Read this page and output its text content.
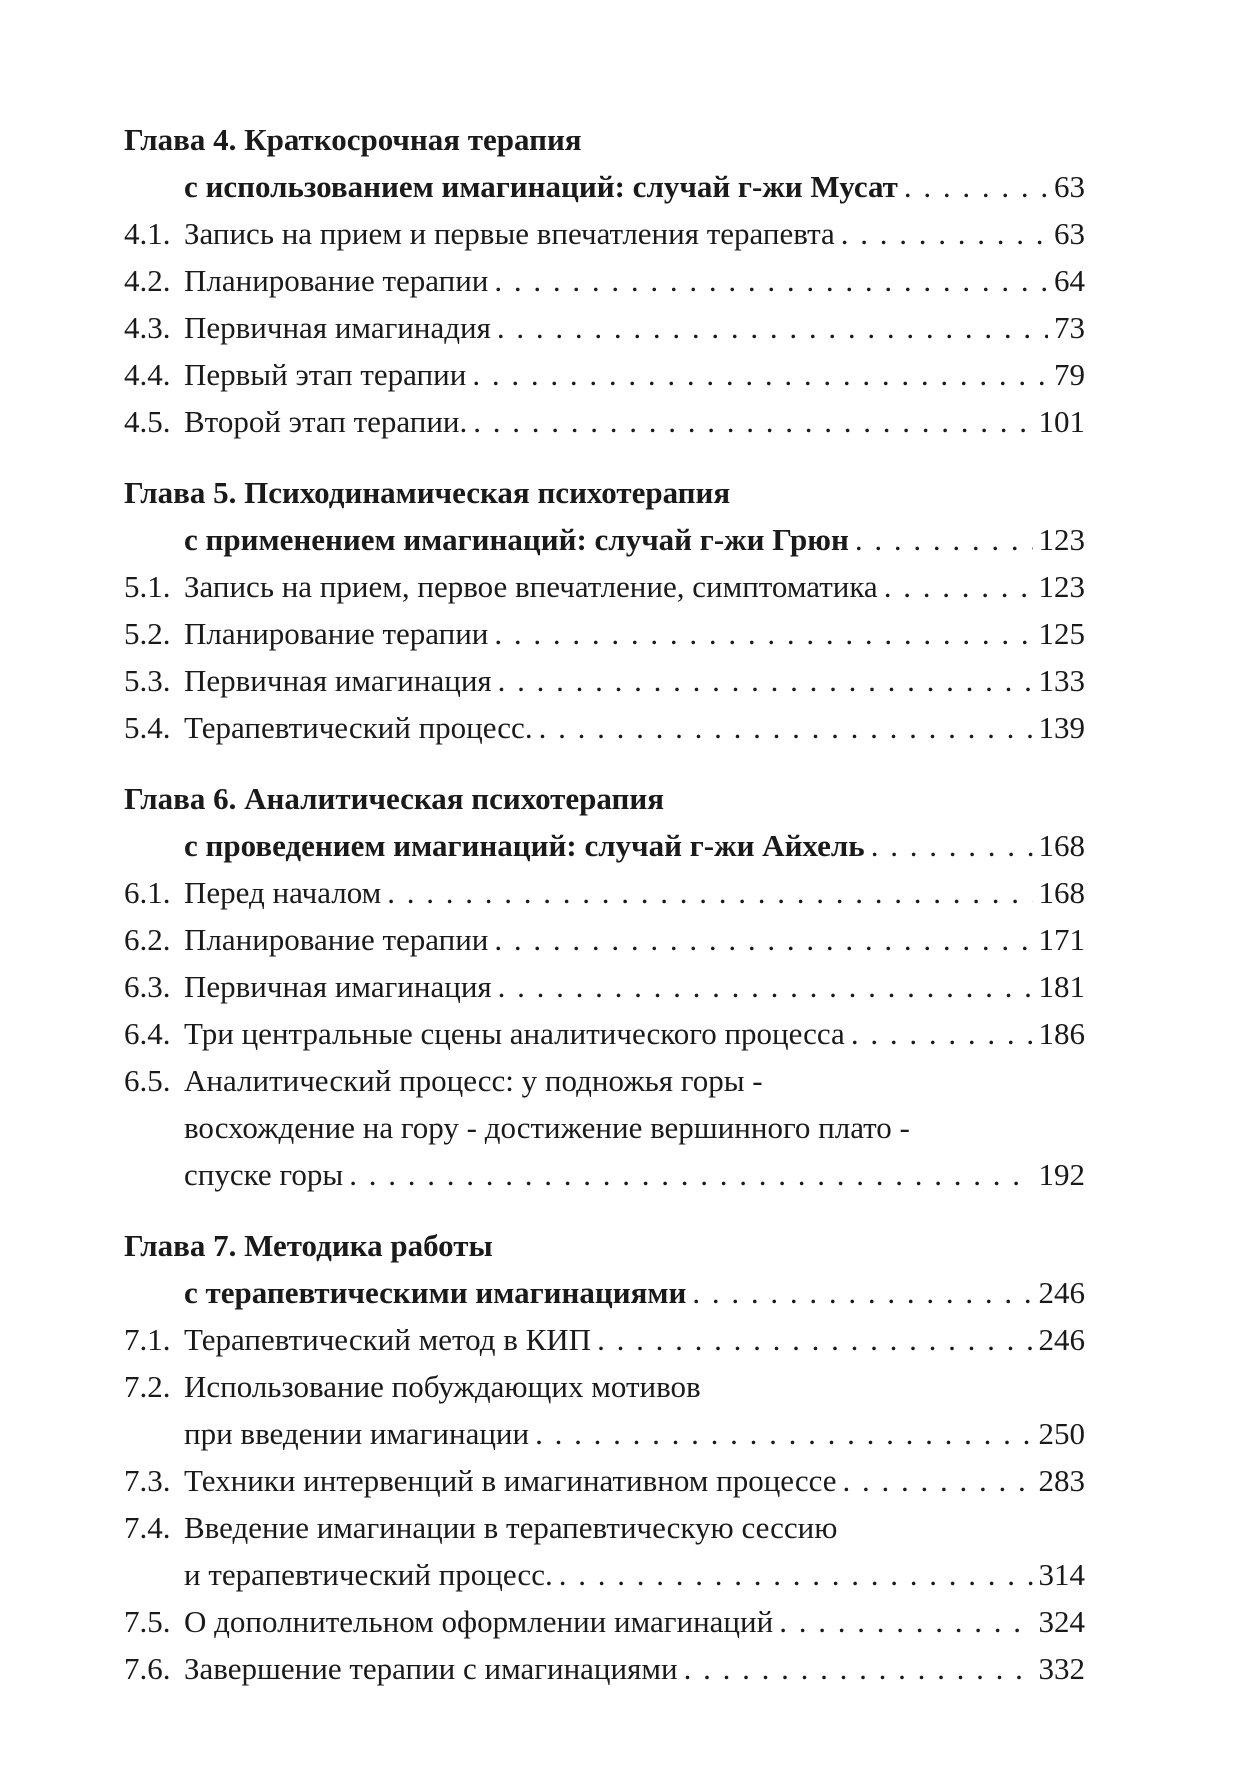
Глава 4. Краткосрочная терапия
с использованием имагинаций: случай г-жи Мусат . . .	63
4.1. Запись на прием и первые впечатления терапевта . . .	63
4.2. Планирование терапии . . .	64
4.3. Первичная имагинадия . . .	73
4.4. Первый этап терапии . . .	79
4.5. Второй этап терапии. . . .	101
Глава 5. Психодинамическая психотерапия
с применением имагинаций: случай г-жи Грюн . . .	123
5.1. Запись на прием, первое впечатление, симптоматика . . .	123
5.2. Планирование терапии . . .	125
5.3. Первичная имагинация . . .	133
5.4. Терапевтический процесс. . . .	139
Глава 6. Аналитическая психотерапия
с проведением имагинаций: случай г-жи Айхель . . .	168
6.1. Перед началом . . .	168
6.2. Планирование терапии . . .	171
6.3. Первичная имагинация . . .	181
6.4. Три центральные сцены аналитического процесса . . .	186
6.5. Аналитический процесс: у подножья горы -
восхождение на гору - достижение вершинного плато -
спуске горы . . .	192
Глава 7. Методика работы
с терапевтическими имагинациями . . .	246
7.1. Терапевтический метод в КИП . . .	246
7.2. Использование побуждающих мотивов
при введении имагинации . . .	250
7.3. Техники интервенций в имагинативном процессе . . .	283
7.4. Введение имагинации в терапевтическую сессию
и терапевтический процесс. . . .	314
7.5. О дополнительном оформлении имагинаций . . .	324
7.6. Завершение терапии с имагинациями . . .	332
